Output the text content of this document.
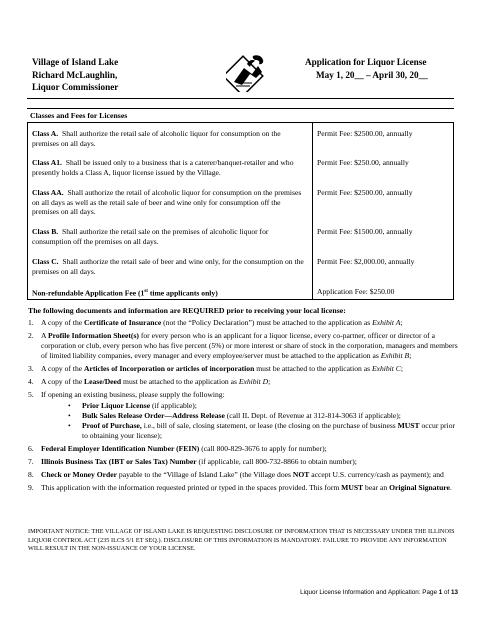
Village of Island Lake
Richard McLaughlin,
Liquor Commissioner
Application for Liquor License
May 1, 20__ – April 30, 20__
Classes and Fees for Licenses
Class A. Shall authorize the retail sale of alcoholic liquor for consumption on the premises on all days.
Permit Fee: $2500.00, annually
Class A1. Shall be issued only to a business that is a caterer/banquet-retailer and who presently holds a Class A, liquor license issued by the Village.
Permit Fee: $250.00, annually
Class AA. Shall authorize the retail of alcoholic liquor for consumption on the premises on all days as well as the retail sale of beer and wine only for consumption off the premises on all days.
Permit Fee: $2500.00, annually
Class B. Shall authorize the retail sale on the premises of alcoholic liquor for consumption off the premises on all days.
Permit Fee: $1500.00, annually
Class C. Shall authorize the retail sale of beer and wine only, for the consumption on the premises on all days.
Permit Fee: $2,000.00, annually
Non-refundable Application Fee (1st time applicants only)	Application Fee: $250.00
The following documents and information are REQUIRED prior to receiving your local license:
1. A copy of the Certificate of Insurance (not the “Policy Declaration”) must be attached to the application as Exhibit A;
2. A Profile Information Sheet(s) for every person who is an applicant for a liquor license, every co-partner, officer or director of a corporation or club, every person who has five percent (5%) or more interest or share of stock in the corporation, managers and members of limited liability companies, every manager and every employee/server must be attached to the application as Exhibit B;
3. A copy of the Articles of Incorporation or articles of incorporation must be attached to the application as Exhibit C;
4. A copy of the Lease/Deed must be attached to the application as Exhibit D;
5. If opening an existing business, please supply the following:
• Prior Liquor License (if applicable);
• Bulk Sales Release Order—Address Release (call IL Dept. of Revenue at 312-814-3063 if applicable);
• Proof of Purchase, i.e., bill of sale, closing statement, or lease (the closing on the purchase of business MUST occur prior to obtaining your license);
6. Federal Employer Identification Number (FEIN) (call 800-829-3676 to apply for number);
7. Illinois Business Tax (IBT or Sales Tax) Number (if applicable, call 800-732-8866 to obtain number);
8. Check or Money Order payable to the “Village of Island Lake” (the Village does NOT accept U.S. currency/cash as payment); and
9. This application with the information requested printed or typed in the spaces provided. This form MUST bear an Original Signature.
IMPORTANT NOTICE: THE VILLAGE OF ISLAND LAKE IS REQUESTING DISCLOSURE OF INFORMATION THAT IS NECESSARY UNDER THE ILLINOIS LIQUOR CONTROL ACT (235 ILCS 5/1 ET SEQ.). DISCLOSURE OF THIS INFORMATION IS MANDATORY. FAILURE TO PROVIDE ANY INFORMATION WILL RESULT IN THE NON-ISSUANCE OF YOUR LICENSE.
Liquor License Information and Application: Page 1 of 13
